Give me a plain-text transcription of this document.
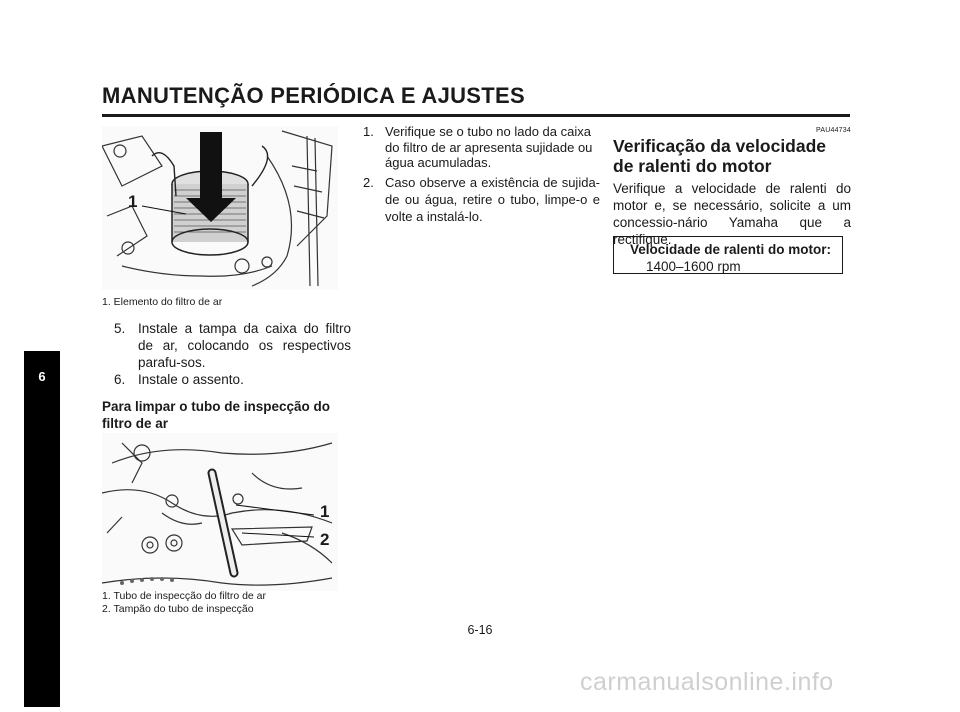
MANUTENÇÃO PERIÓDICA E AJUSTES
6
1
1. Elemento do filtro de ar
5. Instale a tampa da caixa do filtro de ar, colocando os respectivos parafu-sos.
6. Instale o assento.
Para limpar o tubo de inspecção do filtro de ar
1
2
1. Tubo de inspecção do filtro de ar
2. Tampão do tubo de inspecção
1. Verifique se o tubo no lado da caixa do filtro de ar apresenta sujidade ou água acumuladas.
2. Caso observe a existência de sujida-de ou água, retire o tubo, limpe-o e volte a instalá-lo.
PAU44734
Verificação da velocidade de ralenti do motor
Verifique a velocidade de ralenti do motor e, se necessário, solicite a um concessio-nário Yamaha que a rectifique.
Velocidade de ralenti do motor:
1400–1600 rpm
6-16
carmanualsonline.info
